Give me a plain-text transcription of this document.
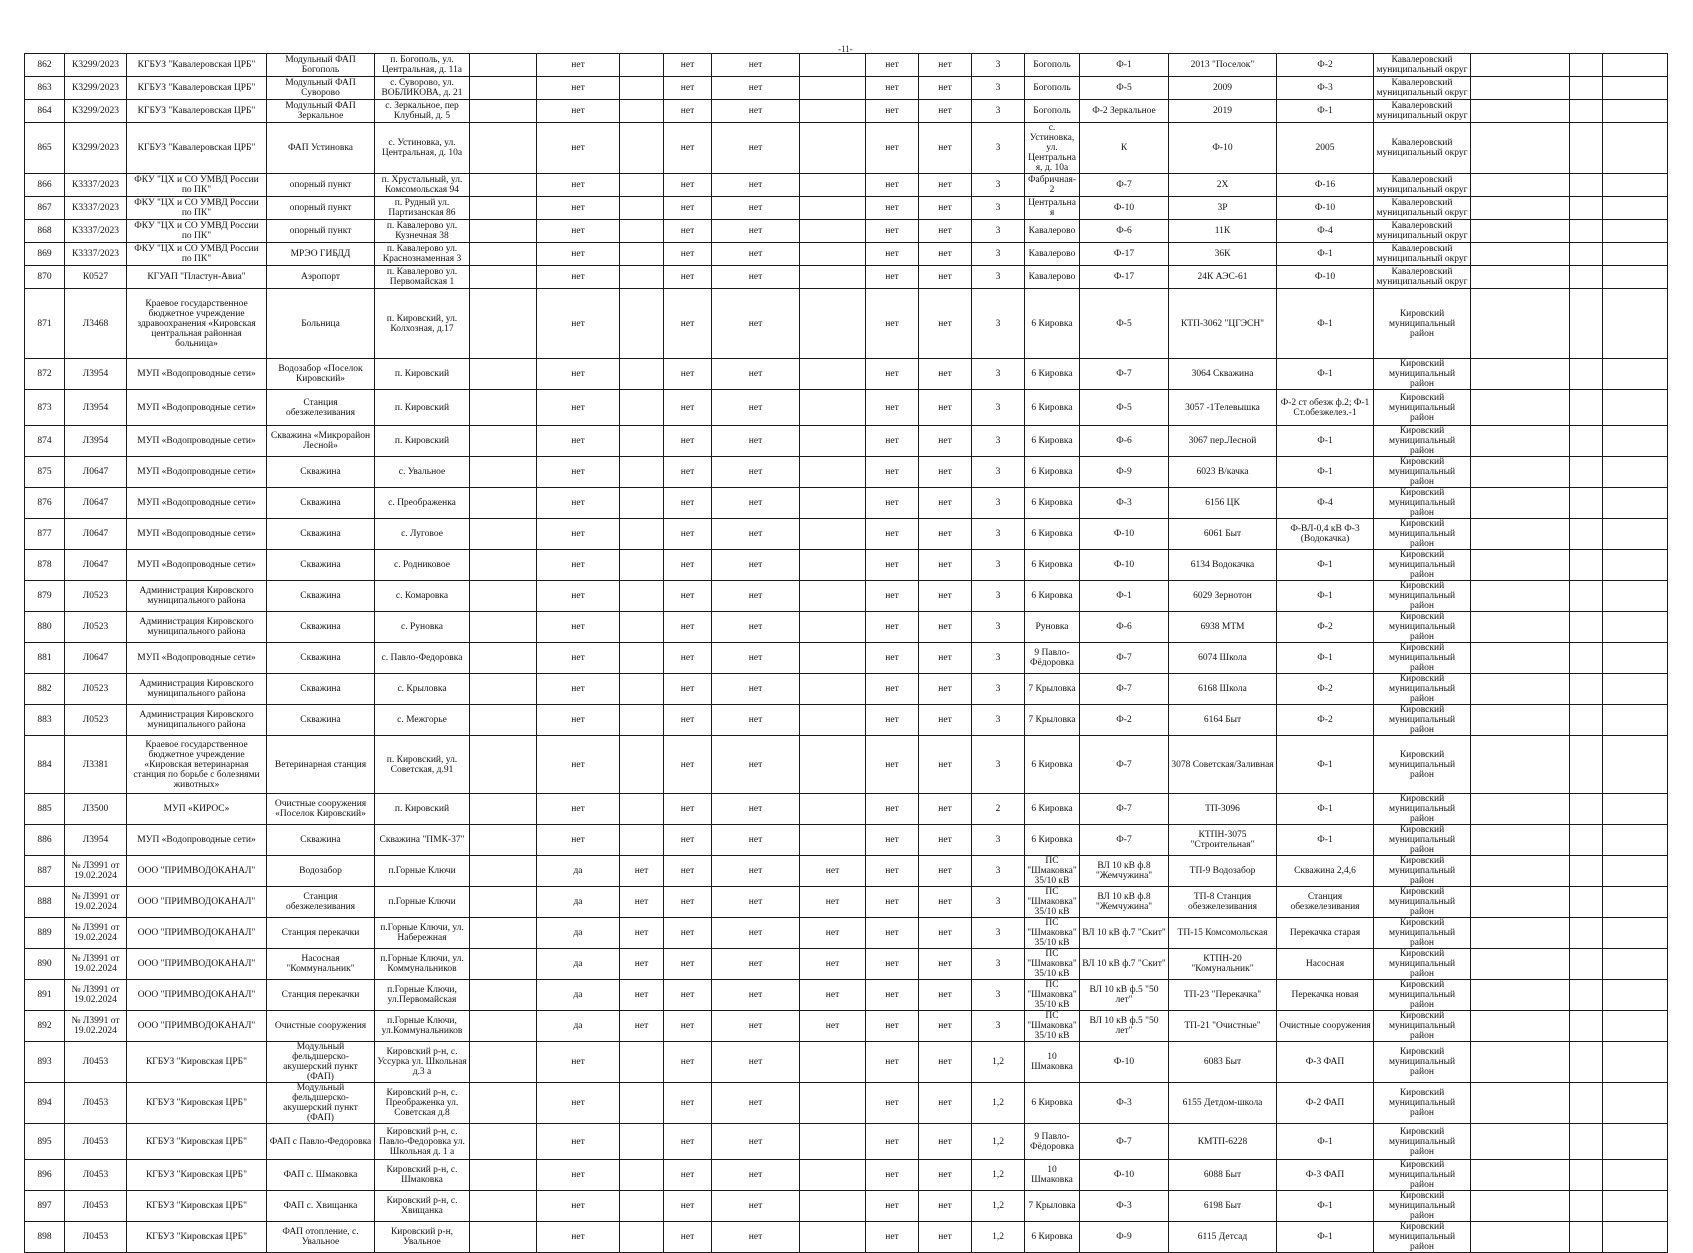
-11-
862	К3299/2023	КГБУЗ "Кавалеровская ЦРБ"	Модульный ФАП Богополь	п. Богополь, ул. Центральная, д. 11а		нет		нет	нет		нет	нет	3	Богополь	Ф-1	2013 "Поселок"	Ф-2	Кавалеровский муниципальный округ			
863	К3299/2023	КГБУЗ "Кавалеровская ЦРБ"	Модульный ФАП Суворово	с. Суворово, ул. ВОБЛИКОВА, д. 21		нет		нет	нет		нет	нет	3	Богополь	Ф-5	2009	Ф-3	Кавалеровский муниципальный округ			
864	К3299/2023	КГБУЗ "Кавалеровская ЦРБ"	Модульный ФАП Зеркальное	с. Зеркальное, пер Клубный, д. 5		нет		нет	нет		нет	нет	3	Богополь	Ф-2 Зеркальное	2019	Ф-1	Кавалеровский муниципальный округ			
865	К3299/2023	КГБУЗ "Кавалеровская ЦРБ"	ФАП Устиновка	с. Устиновка, ул. Центральная, д. 10а		нет		нет	нет		нет	нет	3	с. Устиновка, ул. Центральная, д. 10а	К	Ф-10	2005	Кавалеровский муниципальный округ			
866	К3337/2023	ФКУ "ЦХ и СО УМВД России по ПК"	опорный пункт	п. Хрустальный, ул. Комсомольская 94		нет		нет	нет		нет	нет	3	Фабричная-2	Ф-7	2Х	Ф-16	Кавалеровский муниципальный округ			
867	К3337/2023	ФКУ "ЦХ и СО УМВД России по ПК"	опорный пункт	п. Рудный ул. Партизанская 86		нет		нет	нет		нет	нет	3	Центральная	Ф-10	3Р	Ф-10	Кавалеровский муниципальный округ			
868	К3337/2023	ФКУ "ЦХ и СО УМВД России по ПК"	опорный пункт	п. Кавалерово ул. Кузнечная 38		нет		нет	нет		нет	нет	3	Кавалерово	Ф-6	11К	Ф-4	Кавалеровский муниципальный округ			
869	К3337/2023	ФКУ "ЦХ и СО УМВД России по ПК"	МРЭО ГИБДД	п. Кавалерово ул. Краснознаменная 3		нет		нет	нет		нет	нет	3	Кавалерово	Ф-17	36К	Ф-1	Кавалеровский муниципальный округ			
870	К0527	КГУАП "Пластун-Авиа"	Аэропорт	п. Кавалерово ул. Первомайская 1		нет		нет	нет		нет	нет	3	Кавалерово	Ф-17	24К АЭС-61	Ф-10	Кавалеровский муниципальный округ			
871	Л3468	Краевое государственное бюджетное учреждение здравоохранения «Кировская центральная районная больница»	Больница	п. Кировский, ул. Колхозная, д.17		нет		нет	нет		нет	нет	3	6 Кировка	Ф-5	КТП-3062 "ЦГЭСН"	Ф-1	Кировский муниципальный район			
872	Л3954	МУП «Водопроводные сети»	Водозабор «Поселок Кировский»	п. Кировский		нет		нет	нет		нет	нет	3	6 Кировка	Ф-7	3064 Скважина	Ф-1	Кировский муниципальный район			
873	Л3954	МУП «Водопроводные сети»	Станция обезжелезивания	п. Кировский		нет		нет	нет		нет	нет	3	6 Кировка	Ф-5	3057 -1Телевышка	Ф-2 ст обезж ф.2; Ф-1 Ст.обезжелез.-1	Кировский муниципальный район			
874	Л3954	МУП «Водопроводные сети»	Скважина «Микрорайон Лесной»	п. Кировский		нет		нет	нет		нет	нет	3	6 Кировка	Ф-6	3067 пер.Лесной	Ф-1	Кировский муниципальный район			
875	Л0647	МУП «Водопроводные сети»	Скважина	с. Увальное		нет		нет	нет		нет	нет	3	6 Кировка	Ф-9	6023 В/качка	Ф-1	Кировский муниципальный район			
876	Л0647	МУП «Водопроводные сети»	Скважина	с. Преображенка		нет		нет	нет		нет	нет	3	6 Кировка	Ф-3	6156 ЦК	Ф-4	Кировский муниципальный район			
877	Л0647	МУП «Водопроводные сети»	Скважина	с. Луговое		нет		нет	нет		нет	нет	3	6 Кировка	Ф-10	6061 Быт	Ф-ВЛ-0,4 кВ Ф-3 (Водокачка)	Кировский муниципальный район			
878	Л0647	МУП «Водопроводные сети»	Скважина	с. Родниковое		нет		нет	нет		нет	нет	3	6 Кировка	Ф-10	6134 Водокачка	Ф-1	Кировский муниципальный район			
879	Л0523	Администрация Кировского муниципального района	Скважина	с. Комаровка		нет		нет	нет		нет	нет	3	6 Кировка	Ф-1	6029 Зернотон	Ф-1	Кировский муниципальный район			
880	Л0523	Администрация Кировского муниципального района	Скважина	с. Руновка		нет		нет	нет		нет	нет	3	Руновка	Ф-6	6938 МТМ	Ф-2	Кировский муниципальный район			
881	Л0647	МУП «Водопроводные сети»	Скважина	с. Павло-Федоровка		нет		нет	нет		нет	нет	3	9 Павло-Фёдоровка	Ф-7	6074 Школа	Ф-1	Кировский муниципальный район			
882	Л0523	Администрация Кировского муниципального района	Скважина	с. Крыловка		нет		нет	нет		нет	нет	3	7 Крыловка	Ф-7	6168 Школа	Ф-2	Кировский муниципальный район			
883	Л0523	Администрация Кировского муниципального района	Скважина	с. Межгорье		нет		нет	нет		нет	нет	3	7 Крыловка	Ф-2	6164 Быт	Ф-2	Кировский муниципальный район			
884	Л3381	Краевое государственное бюджетное учреждение «Кировская ветеринарная станция по борьбе с болезнями животных»	Ветеринарная станция	п. Кировский, ул. Советская, д.91		нет		нет	нет		нет	нет	3	6 Кировка	Ф-7	3078 Советская/Заливная	Ф-1	Кировский муниципальный район			
885	Л3500	МУП «КИРОС»	Очистные сооружения «Поселок Кировский»	п. Кировский		нет		нет	нет		нет	нет	2	6 Кировка	Ф-7	ТП-3096	Ф-1	Кировский муниципальный район			
886	Л3954	МУП «Водопроводные сети»	Скважина	Скважина "ПМК-37"		нет		нет	нет		нет	нет	3	6 Кировка	Ф-7	КТПН-3075 "Строительная"	Ф-1	Кировский муниципальный район			
887	№ Л3991 от 19.02.2024	ООО "ПРИМВОДОКАНАЛ"	Водозабор	п.Горные Ключи		да	нет	нет	нет	нет	нет	нет	3	ПС "Шмаковка" 35/10 кВ	ВЛ 10 кВ ф.8 "Жемчужина"	ТП-9 Водозабор	Скважина 2,4,6	Кировский муниципальный район			
888	№ Л3991 от 19.02.2024	ООО "ПРИМВОДОКАНАЛ"	Станция обезжелезивания	п.Горные Ключи		да	нет	нет	нет	нет	нет	нет	3	ПС "Шмаковка" 35/10 кВ	ВЛ 10 кВ ф.8 "Жемчужина"	ТП-8 Станция обезжелезивания	Станция обезжелезивания	Кировский муниципальный район			
889	№ Л3991 от 19.02.2024	ООО "ПРИМВОДОКАНАЛ"	Станция перекачки	п.Горные Ключи, ул. Набережная		да	нет	нет	нет	нет	нет	нет	3	ПС "Шмаковка" 35/10 кВ	ВЛ 10 кВ ф.7 "Скит"	ТП-15 Комсомольская	Перекачка старая	Кировский муниципальный район			
890	№ Л3991 от 19.02.2024	ООО "ПРИМВОДОКАНАЛ"	Насосная "Коммунальник"	п.Горные Ключи, ул. Коммунальников		да	нет	нет	нет	нет	нет	нет	3	ПС "Шмаковка" 35/10 кВ	ВЛ 10 кВ ф.7 "Скит"	КТПН-20 "Комунальник"	Насосная	Кировский муниципальный район			
891	№ Л3991 от 19.02.2024	ООО "ПРИМВОДОКАНАЛ"	Станция перекачки	п.Горные Ключи, ул.Первомайская		да	нет	нет	нет	нет	нет	нет	3	ПС "Шмаковка" 35/10 кВ	ВЛ 10 кВ ф.5 "50 лет"	ТП-23 "Перекачка"	Перекачка новая	Кировский муниципальный район			
892	№ Л3991 от 19.02.2024	ООО "ПРИМВОДОКАНАЛ"	Очистные сооружения	п.Горные Ключи, ул.Коммунальников		да	нет	нет	нет	нет	нет	нет	3	ПС "Шмаковка" 35/10 кВ	ВЛ 10 кВ ф.5 "50 лет"	ТП-21 "Очистные"	Очистные сооружения	Кировский муниципальный район			
893	Л0453	КГБУЗ "Кировская ЦРБ"	Модульный фельдшерско-акушерский пункт (ФАП)	Кировский р-н, с. Уссурка ул. Школьная д.3 а		нет		нет	нет		нет	нет	1,2	10 Шмаковка	Ф-10	6083 Быт	Ф-3 ФАП	Кировский муниципальный район			
894	Л0453	КГБУЗ "Кировская ЦРБ"	Модульный фельдшерско-акушерский пункт (ФАП)	Кировский р-н, с. Преображенка ул. Советская д.8		нет		нет	нет		нет	нет	1,2	6 Кировка	Ф-3	6155 Детдом-школа	Ф-2 ФАП	Кировский муниципальный район			
895	Л0453	КГБУЗ "Кировская ЦРБ"	ФАП с Павло-Федоровка	Кировский р-н, с. Павло-Федоровка ул. Школьная д. 1 а		нет		нет	нет		нет	нет	1,2	9 Павло-Фёдоровка	Ф-7	КМТП-6228	Ф-1	Кировский муниципальный район			
896	Л0453	КГБУЗ "Кировская ЦРБ"	ФАП с. Шмаковка	Кировский р-н, с. Шмаковка		нет		нет	нет		нет	нет	1,2	10 Шмаковка	Ф-10	6088 Быт	Ф-3 ФАП	Кировский муниципальный район			
897	Л0453	КГБУЗ "Кировская ЦРБ"	ФАП с. Хвищанка	Кировский р-н, с. Хвищанка		нет		нет	нет		нет	нет	1,2	7 Крыловка	Ф-3	6198 Быт	Ф-1	Кировский муниципальный район			
898	Л0453	КГБУЗ "Кировская ЦРБ"	ФАП отопление, с. Увальное	Кировский р-н, Увальное		нет		нет	нет		нет	нет	1,2	6 Кировка	Ф-9	6115 Детсад	Ф-1	Кировский муниципальный район			
